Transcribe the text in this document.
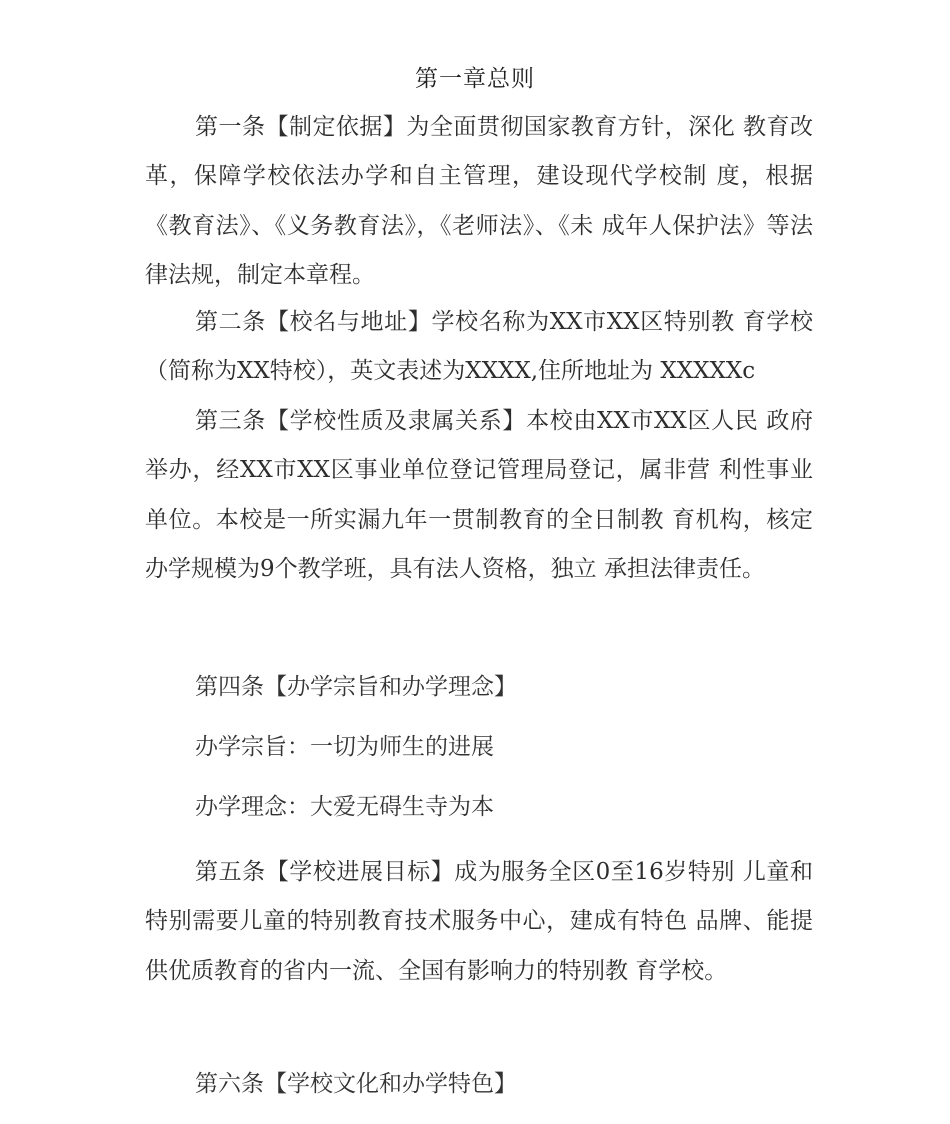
第一章总则

第一条【制定依据】为全面贯彻国家教育方针，深化 教育改革，保障学校依法办学和自主管理，建设现代学校制 度，根据《教育法》、《义务教育法》，《老师法》、《未 成年人保护法》等法律法规，制定本章程。

第二条【校名与地址】学校名称为XX市XX区特别教 育学校（简称为XX特校），英文表述为XXXX,住所地址为 XXXXXc

第三条【学校性质及隶属关系】本校由XX市XX区人民 政府举办，经XX市XX区事业单位登记管理局登记，属非营 利性事业单位。本校是一所实漏九年一贯制教育的全日制教 育机构，核定办学规模为9个教学班，具有法人资格，独立 承担法律责任。

第四条【办学宗旨和办学理念】
办学宗旨：一切为师生的进展
办学理念：大爱无碍生寺为本

第五条【学校进展目标】成为服务全区0至16岁特别 儿童和特别需要儿童的特别教育技术服务中心，建成有特色 品牌、能提供优质教育的省内一流、全国有影响力的特别教 育学校。

第六条【学校文化和办学特色】
